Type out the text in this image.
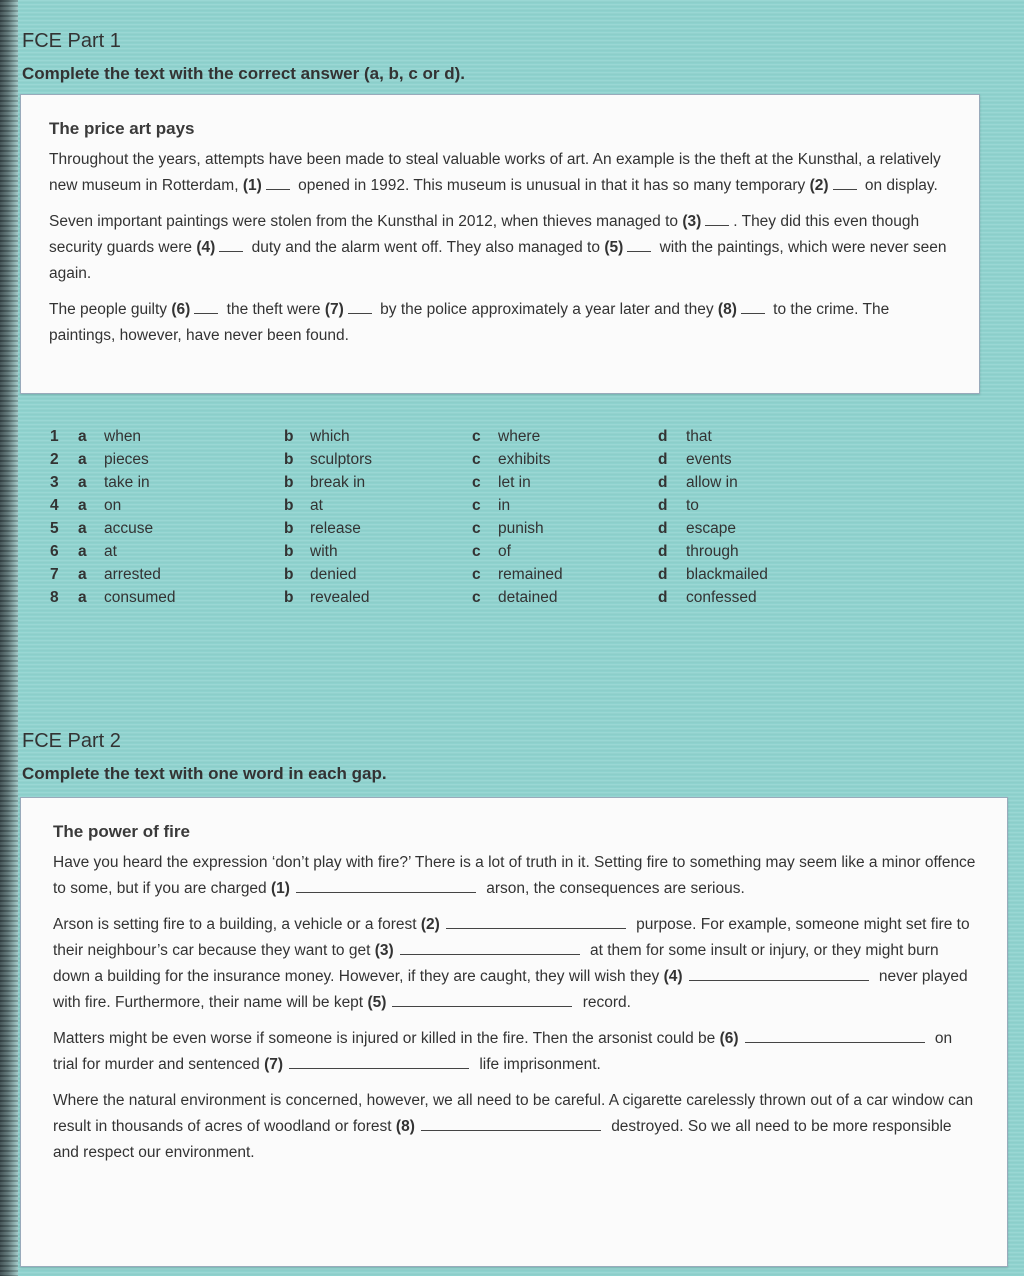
FCE Part 1
Complete the text with the correct answer (a, b, c or d).
The price art pays

Throughout the years, attempts have been made to steal valuable works of art. An example is the theft at the Kunsthal, a relatively new museum in Rotterdam, (1) opened in 1992. This museum is unusual in that it has so many temporary (2) on display.

Seven important paintings were stolen from the Kunsthal in 2012, when thieves managed to (3) . They did this even though security guards were (4) duty and the alarm went off. They also managed to (5) with the paintings, which were never seen again.

The people guilty (6) the theft were (7) by the police approximately a year later and they (8) to the crime. The paintings, however, have never been found.

1 a when	b which	c where	d that
2 a pieces	b sculptors	c exhibits	d events
3 a take in	b break in	c let in	d allow in
4 a on	b at	c in	d to
5 a accuse	b release	c punish	d escape
6 a at	b with	c of	d through
7 a arrested	b denied	c remained	d blackmailed
8 a consumed	b revealed	c detained	d confessed
FCE Part 2
Complete the text with one word in each gap.
The power of fire

Have you heard the expression ‘don’t play with fire?’ There is a lot of truth in it. Setting fire to something may seem like a minor offence to some, but if you are charged (1)	arson, the consequences are serious.

Arson is setting fire to a building, a vehicle or a forest (2)	purpose. For example, someone might set fire to their neighbour’s car because they want to get (3)	at them for some insult or injury, or they might burn down a building for the insurance money. However, if they are caught, they will wish they (4)	never played with fire. Furthermore, their name will be kept (5)	record.

Matters might be even worse if someone is injured or killed in the fire. Then the arsonist could be (6)	on trial for murder and sentenced (7)	life imprisonment.

Where the natural environment is concerned, however, we all need to be careful. A cigarette carelessly thrown out of a car window can result in thousands of acres of woodland or forest (8)	destroyed. So we all need to be more responsible and respect our environment.
